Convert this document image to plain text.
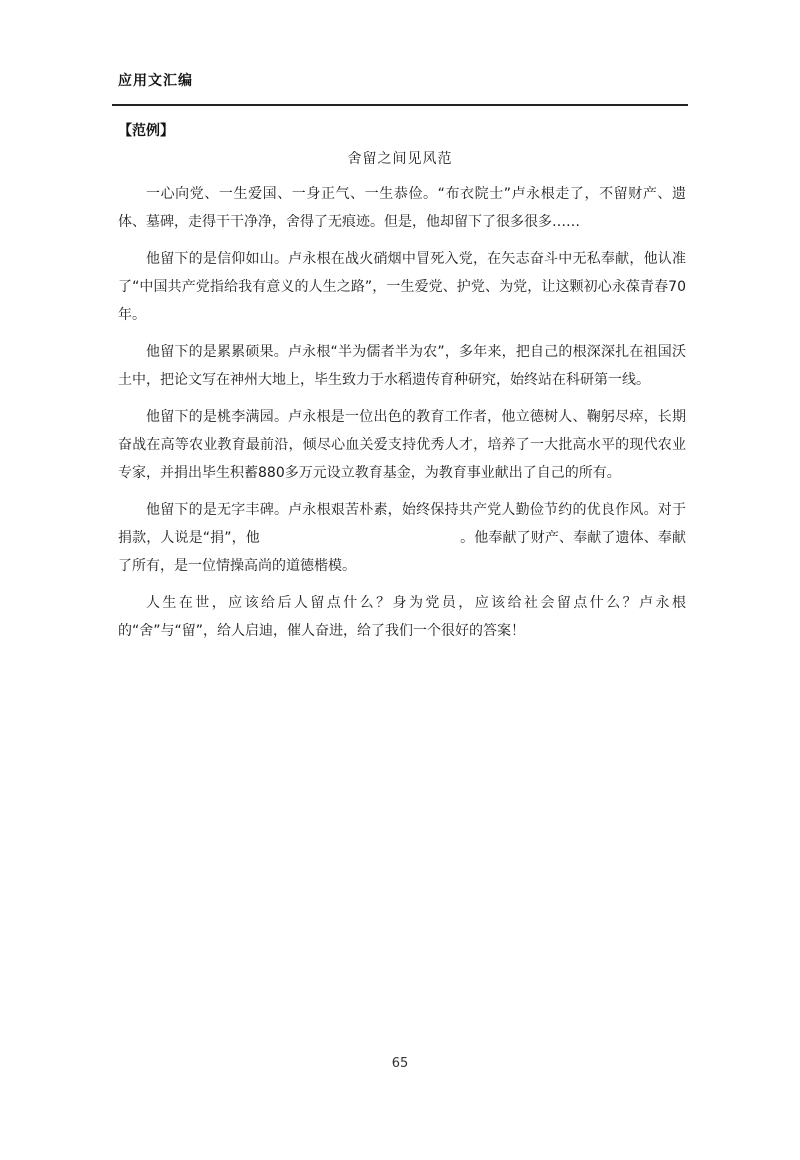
应用文汇编
【范例】
舍留之间见风范

一心向党、一生爱国、一身正气、一生恭俭。“布衣院士”卢永根走了，不留财产、遗体、墓碑，走得干干净净，舍得了无痕迹。但是，他却留下了很多很多……

他留下的是信仰如山。卢永根在战火硝烟中冒死入党，在矢志奋斗中无私奉献，他认准了“中国共产党指给我有意义的人生之路”，一生爱党、护党、为党，让这颗初心永葆青春70年。

他留下的是累累硕果。卢永根“半为儒者半为农”，多年来，把自己的根深深扎在祖国沃土中，把论文写在神州大地上，毕生致力于水稻遗传育种研究，始终站在科研第一线。

他留下的是桃李满园。卢永根是一位出色的教育工作者，他立德树人、鞠躬尽瘁，长期奋战在高等农业教育最前沿，倾尽心血关爱支持优秀人才，培养了一大批高水平的现代农业专家，并捐出毕生积蓄880多万元设立教育基金，为教育事业献出了自己的所有。

他留下的是无字丰碑。卢永根艰苦朴素，始终保持共产党人勤俭节约的优良作风。对于捐款，人说是“捐”，他	。他奉献了财产、奉献了遗体、奉献了所有，是一位情操高尚的道德楷模。

人生在世，应该给后人留点什么？身为党员，应该给社会留点什么？卢永根的“舍”与“留”，给人启迪，催人奋进，给了我们一个很好的答案！

65
